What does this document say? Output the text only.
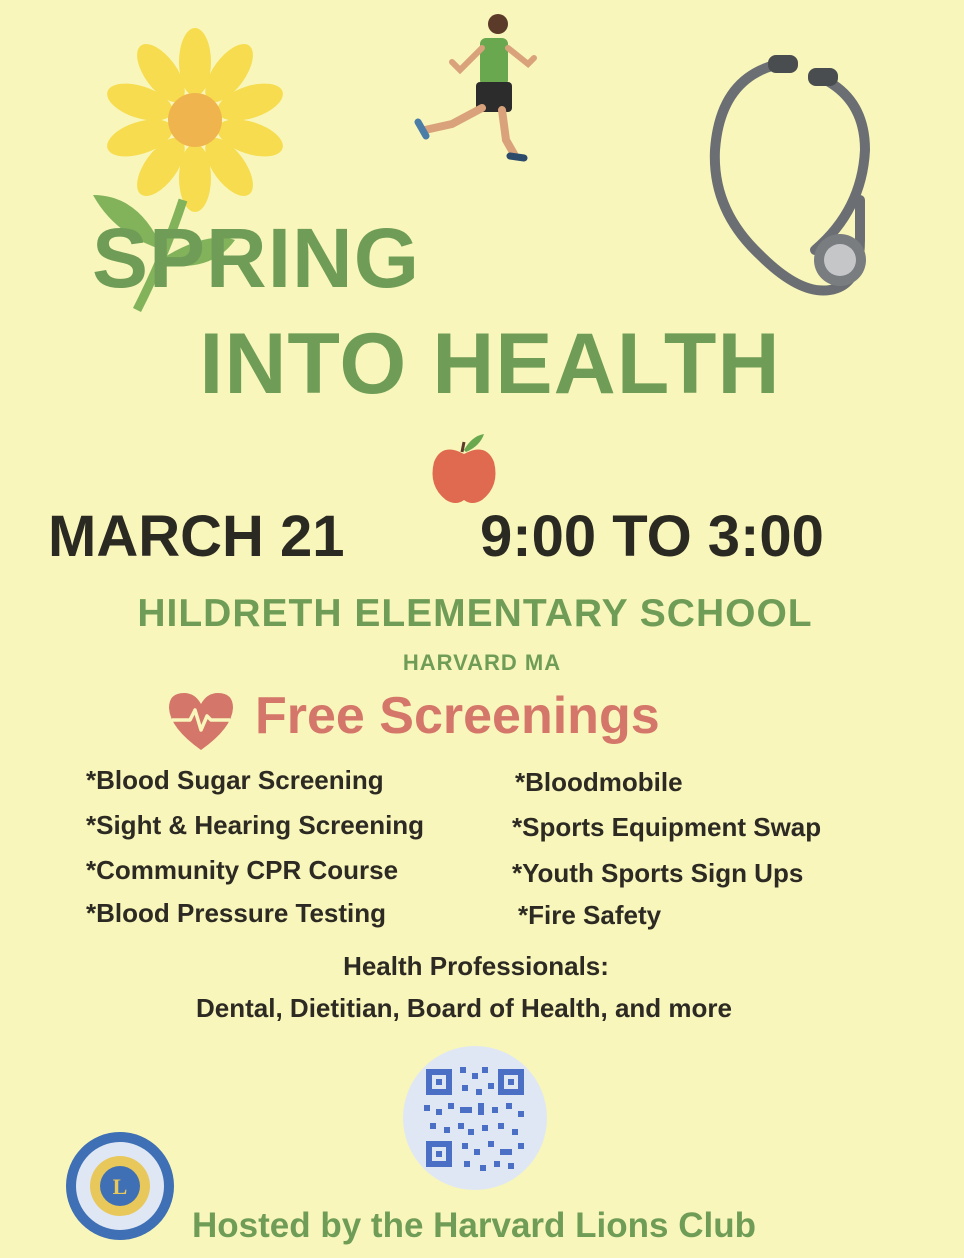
SPRING
INTO HEALTH
MARCH 21 9:00 TO 3:00
HILDRETH ELEMENTARY SCHOOL
HARVARD MA
Free Screenings
*Blood Sugar Screening
*Sight & Hearing Screening
*Community CPR Course
*Blood Pressure Testing
*Bloodmobile
*Sports Equipment Swap
*Youth Sports Sign Ups
*Fire Safety
Health Professionals:
Dental, Dietitian, Board of Health, and more
L
Hosted by the Harvard Lions Club
